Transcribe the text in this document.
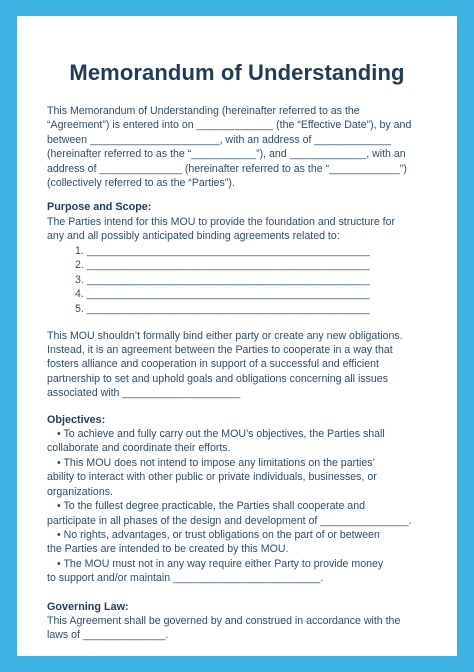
Memorandum of Understanding

This Memorandum of Understanding (hereinafter referred to as the

“Agreement”) is entered into on _____________ (the “Effective Date”), by and

between ______________________, with an address of _____________

(hereinafter referred to as the “___________”), and _____________, with an

address of ______________ (hereinafter referred to as the “____________”)

(collectively referred to as the “Parties”).

Purpose and Scope:

The Parties intend for this MOU to provide the foundation and structure for

any and all possibly anticipated binding agreements related to:

1. ________________________________________________
2. ________________________________________________
3. ________________________________________________
4. ________________________________________________
5. ________________________________________________

This MOU shouldn’t formally bind either party or create any new obligations.

Instead, it is an agreement between the Parties to cooperate in a way that

fosters alliance and cooperation in support of a successful and efficient

partnership to set and uphold goals and obligations concerning all issues

associated with ____________________

Objectives:

• To achieve and fully carry out the MOU’s objectives, the Parties shall

collaborate and coordinate their efforts.

• This MOU does not intend to impose any limitations on the parties’

ability to interact with other public or private individuals, businesses, or

organizations.

• To the fullest degree practicable, the Parties shall cooperate and

participate in all phases of the design and development of _______________.

• No rights, advantages, or trust obligations on the part of or between

the Parties are intended to be created by this MOU.

• The MOU must not in any way require either Party to provide money

to support and/or maintain _________________________.

Governing Law:

This Agreement shall be governed by and construed in accordance with the

laws of ______________.
